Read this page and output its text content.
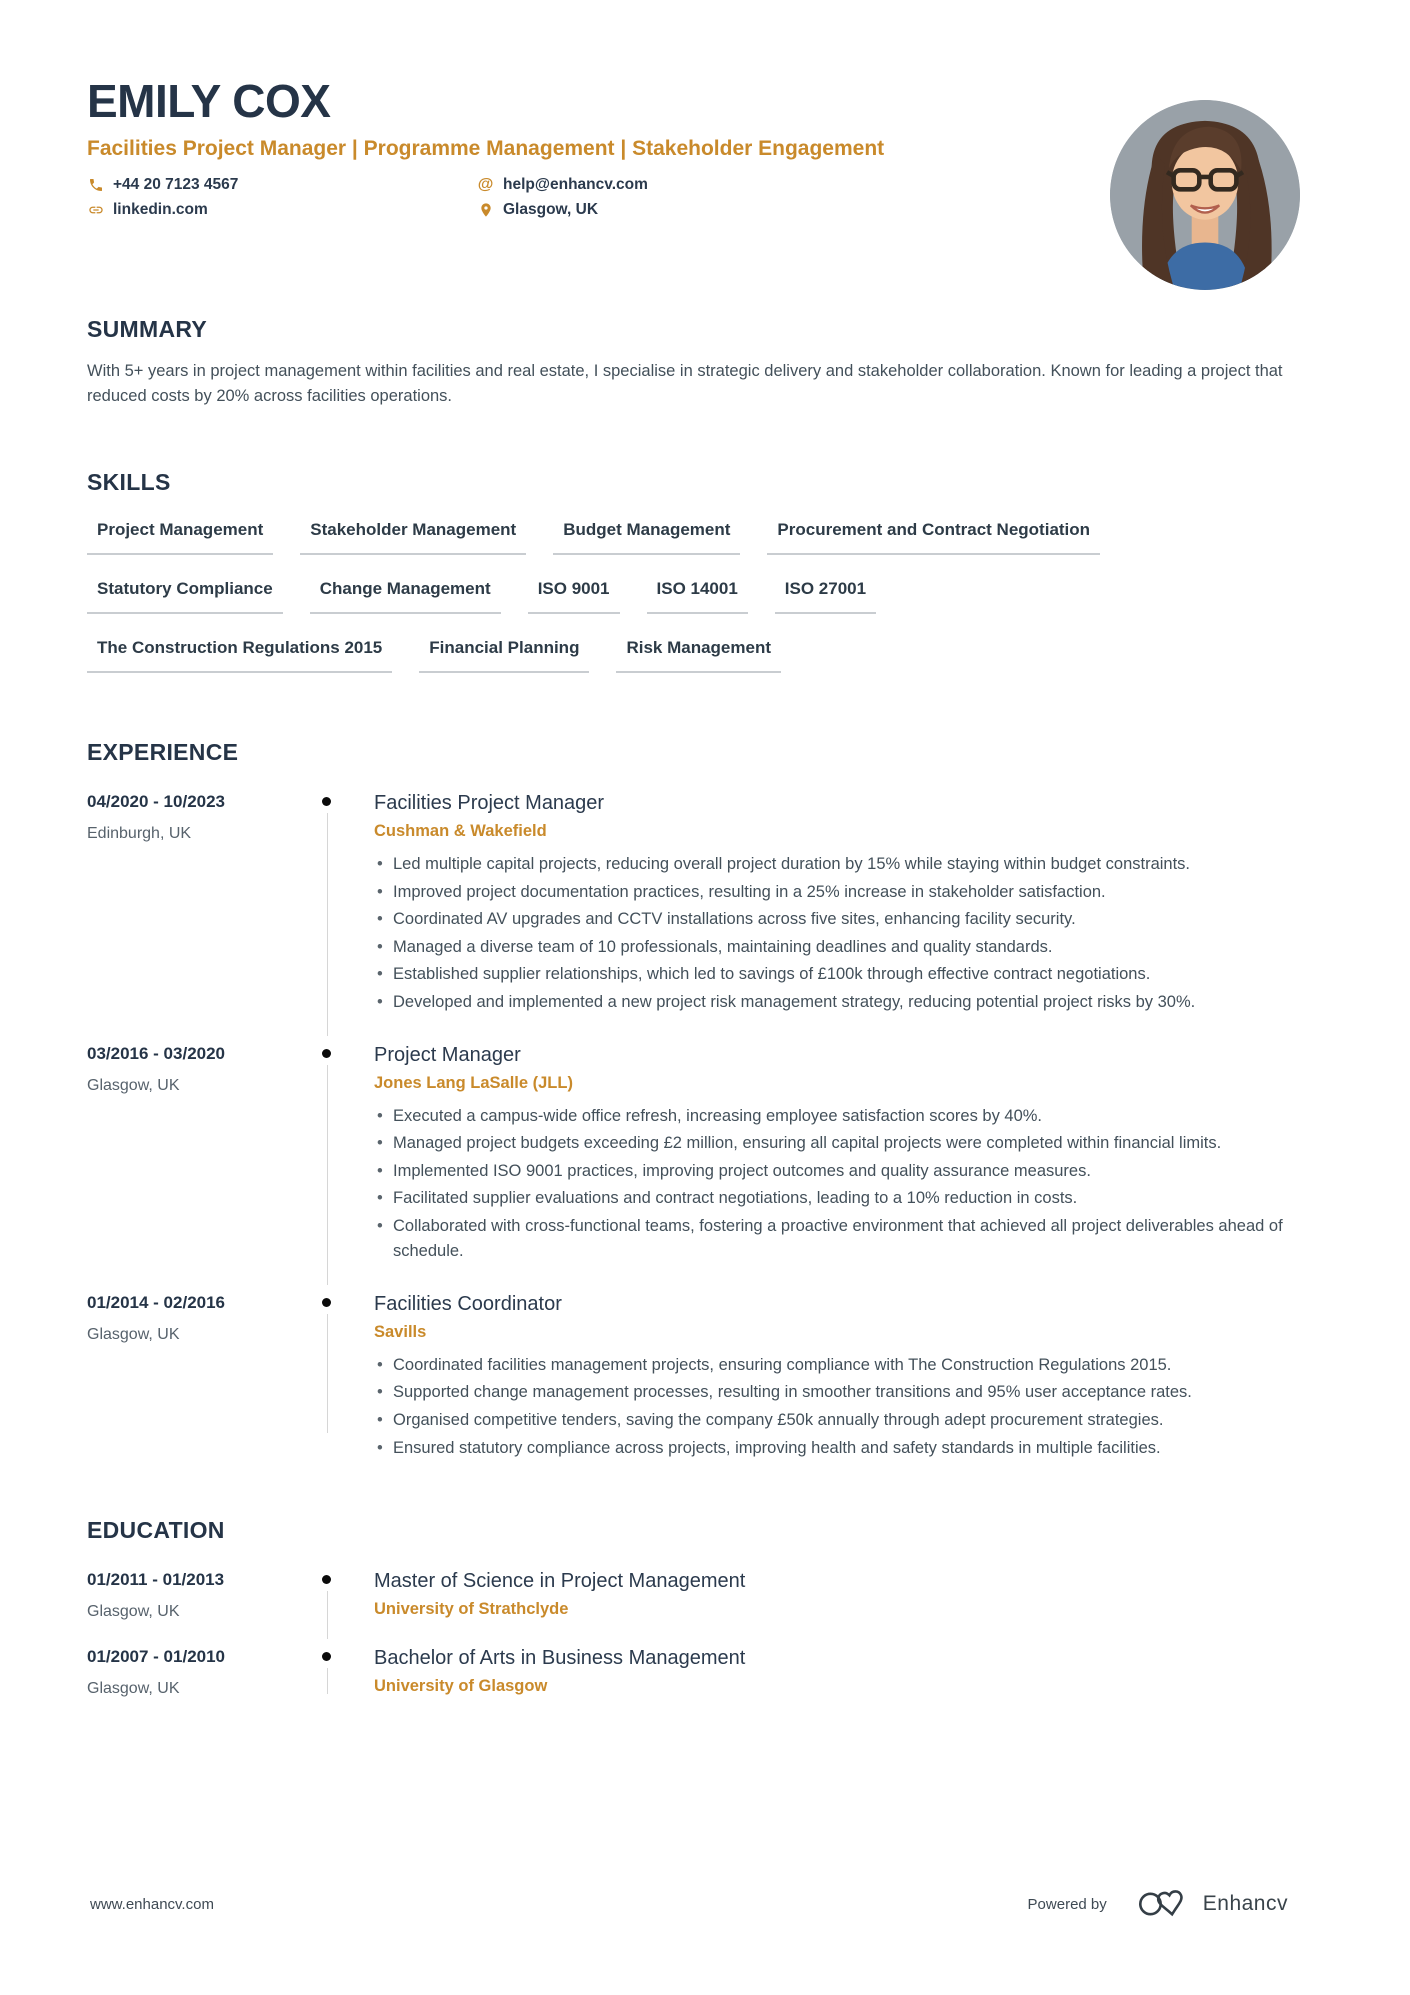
EMILY COX
Facilities Project Manager | Programme Management | Stakeholder Engagement
+44 20 7123 4567	@ help@enhancv.com
linkedin.com	Glasgow, UK
SUMMARY

With 5+ years in project management within facilities and real estate, I specialise in strategic delivery and stakeholder collaboration. Known for leading a project that reduced costs by 20% across facilities operations.

SKILLS
Project Management	Stakeholder Management	Budget Management	Procurement and Contract Negotiation
Statutory Compliance	Change Management	ISO 9001	ISO 14001	ISO 27001
The Construction Regulations 2015	Financial Planning	Risk Management
EXPERIENCE
04/2020 - 10/2023
Edinburgh, UK
Facilities Project Manager
Cushman & Wakefield
• Led multiple capital projects, reducing overall project duration by 15% while staying within budget constraints.
• Improved project documentation practices, resulting in a 25% increase in stakeholder satisfaction.
• Coordinated AV upgrades and CCTV installations across five sites, enhancing facility security.
• Managed a diverse team of 10 professionals, maintaining deadlines and quality standards.
• Established supplier relationships, which led to savings of £100k through effective contract negotiations.
• Developed and implemented a new project risk management strategy, reducing potential project risks by 30%.
03/2016 - 03/2020
Glasgow, UK
Project Manager
Jones Lang LaSalle (JLL)
• Executed a campus-wide office refresh, increasing employee satisfaction scores by 40%.
• Managed project budgets exceeding £2 million, ensuring all capital projects were completed within financial limits.
• Implemented ISO 9001 practices, improving project outcomes and quality assurance measures.
• Facilitated supplier evaluations and contract negotiations, leading to a 10% reduction in costs.
• Collaborated with cross-functional teams, fostering a proactive environment that achieved all project deliverables ahead of schedule.
01/2014 - 02/2016
Glasgow, UK
Facilities Coordinator
Savills
• Coordinated facilities management projects, ensuring compliance with The Construction Regulations 2015.
• Supported change management processes, resulting in smoother transitions and 95% user acceptance rates.
• Organised competitive tenders, saving the company £50k annually through adept procurement strategies.
• Ensured statutory compliance across projects, improving health and safety standards in multiple facilities.
EDUCATION
01/2011 - 01/2013
Glasgow, UK
Master of Science in Project Management
University of Strathclyde
01/2007 - 01/2010
Glasgow, UK
Bachelor of Arts in Business Management
University of Glasgow
www.enhancv.com	Powered by	Enhancv
